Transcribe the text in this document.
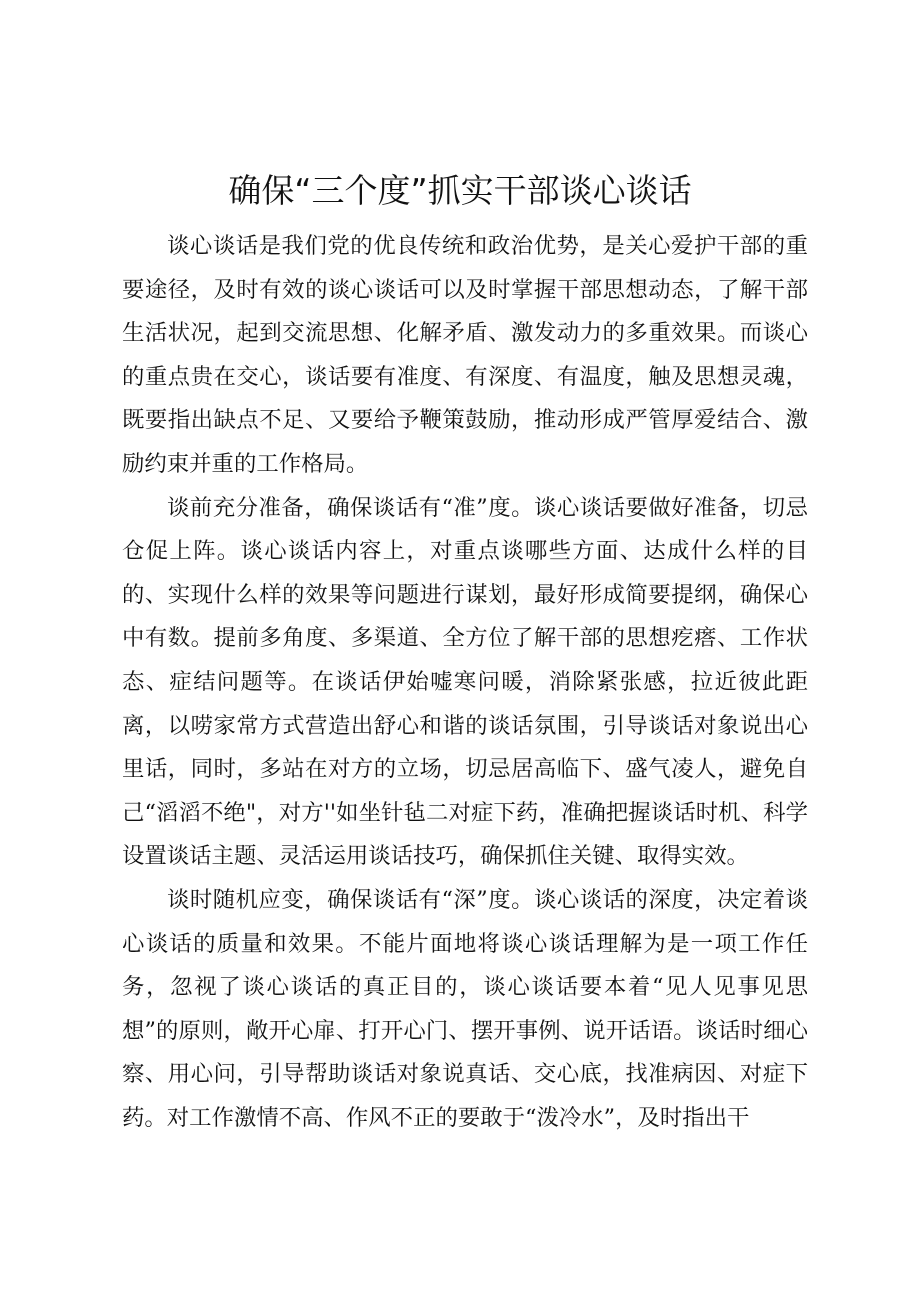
确保“三个度”抓实干部谈心谈话

谈心谈话是我们党的优良传统和政治优势，是关心爱护干部的重要途径，及时有效的谈心谈话可以及时掌握干部思想动态，了解干部生活状况，起到交流思想、化解矛盾、激发动力的多重效果。而谈心的重点贵在交心，谈话要有准度、有深度、有温度，触及思想灵魂，既要指出缺点不足、又要给予鞭策鼓励，推动形成严管厚爱结合、激励约束并重的工作格局。

谈前充分准备，确保谈话有“准”度。谈心谈话要做好准备，切忌仓促上阵。谈心谈话内容上，对重点谈哪些方面、达成什么样的目的、实现什么样的效果等问题进行谋划，最好形成简要提纲，确保心中有数。提前多角度、多渠道、全方位了解干部的思想疙瘩、工作状态、症结问题等。在谈话伊始嘘寒问暖，消除紧张感，拉近彼此距离，以唠家常方式营造出舒心和谐的谈话氛围，引导谈话对象说出心里话，同时，多站在对方的立场，切忌居高临下、盛气凌人，避免自己“滔滔不绝"，对方''如坐针毡二对症下药，准确把握谈话时机、科学设置谈话主题、灵活运用谈话技巧，确保抓住关键、取得实效。

谈时随机应变，确保谈话有“深”度。谈心谈话的深度，决定着谈心谈话的质量和效果。不能片面地将谈心谈话理解为是一项工作任务，忽视了谈心谈话的真正目的，谈心谈话要本着“见人见事见思想”的原则，敞开心扉、打开心门、摆开事例、说开话语。谈话时细心察、用心问，引导帮助谈话对象说真话、交心底，找准病因、对症下药。对工作激情不高、作风不正的要敢于“泼冷水”，及时指出干
